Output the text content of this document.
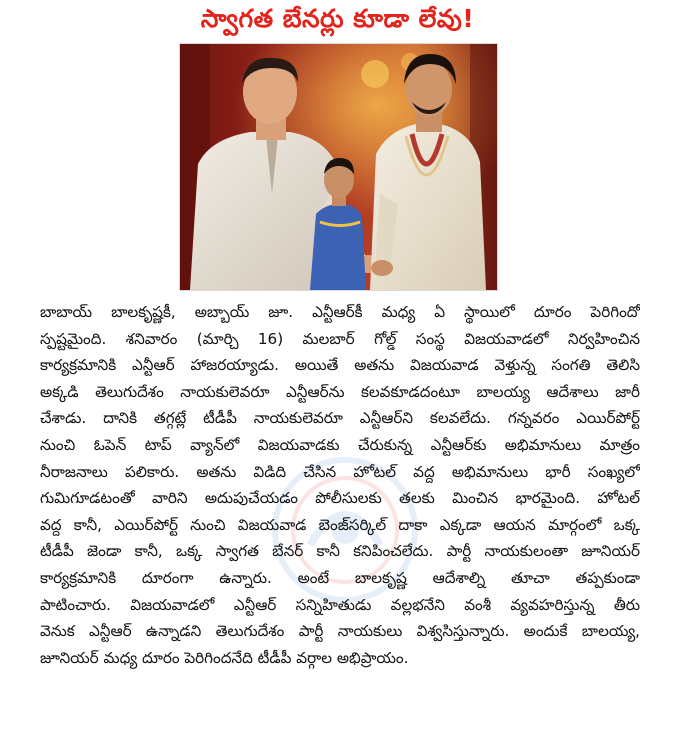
స్వాగత బేనర్లు కూడా లేవు!
బాబాయ్ బాలకృష్ణకీ, అబ్బాయ్ జూ. ఎన్టీఆర్‌కీ మధ్య ఏ స్థాయిలో దూరం పెరిగిందో
స్పష్టమైంది. శనివారం (మార్చి 16) మలబార్ గోల్డ్ సంస్థ విజయవాడలో నిర్వహించిన
కార్యక్రమానికి ఎన్టీఆర్ హాజరయ్యాడు. అయితే అతను విజయవాడ వెళ్తున్న సంగతి తెలిసి
అక్కడి తెలుగుదేశం నాయకులెవరూ ఎన్టీఆర్‌ను కలవకూడదంటూ బాలయ్య ఆదేశాలు జారీ
చేశాడు. దానికి తగ్గట్లే టీడీపీ నాయకులెవరూ ఎన్టీఆర్‌ని కలవలేదు. గన్నవరం ఎయిర్‌పోర్ట్
నుంచి ఓపెన్ టాప్ వ్యాన్‌లో విజయవాడకు చేరుకున్న ఎన్టీఆర్‌కు అభిమానులు మాత్రం
నీరాజనాలు పలికారు. అతను విడిది చేసిన హోటల్ వద్ద అభిమానులు భారీ సంఖ్యలో
గుమిగూడటంతో వారిని అదుపుచేయడం పోలీసులకు తలకు మించిన భారమైంది. హోటల్
వద్ద కానీ, ఎయిర్‌పోర్ట్ నుంచి విజయవాడ బెంజ్‌సర్కిల్ దాకా ఎక్కడా ఆయన మార్గంలో ఒక్క
టీడీపీ జెండా కానీ, ఒక్క స్వాగత బేనర్ కానీ కనిపించలేదు. పార్టీ నాయకులంతా జూనియర్
కార్యక్రమానికి దూరంగా ఉన్నారు. అంటే బాలకృష్ణ ఆదేశాల్ని తూచా తప్పకుండా
పాటించారు. విజయవాడలో ఎన్టీఆర్ సన్నిహితుడు వల్లభనేని వంశీ వ్యవహరిస్తున్న తీరు
వెనుక ఎన్టీఆర్ ఉన్నాడని తెలుగుదేశం పార్టీ నాయకులు విశ్వసిస్తున్నారు. అందుకే బాలయ్య,
జూనియర్ మధ్య దూరం పెరిగిందనేది టీడీపీ వర్గాల అభిప్రాయం.
